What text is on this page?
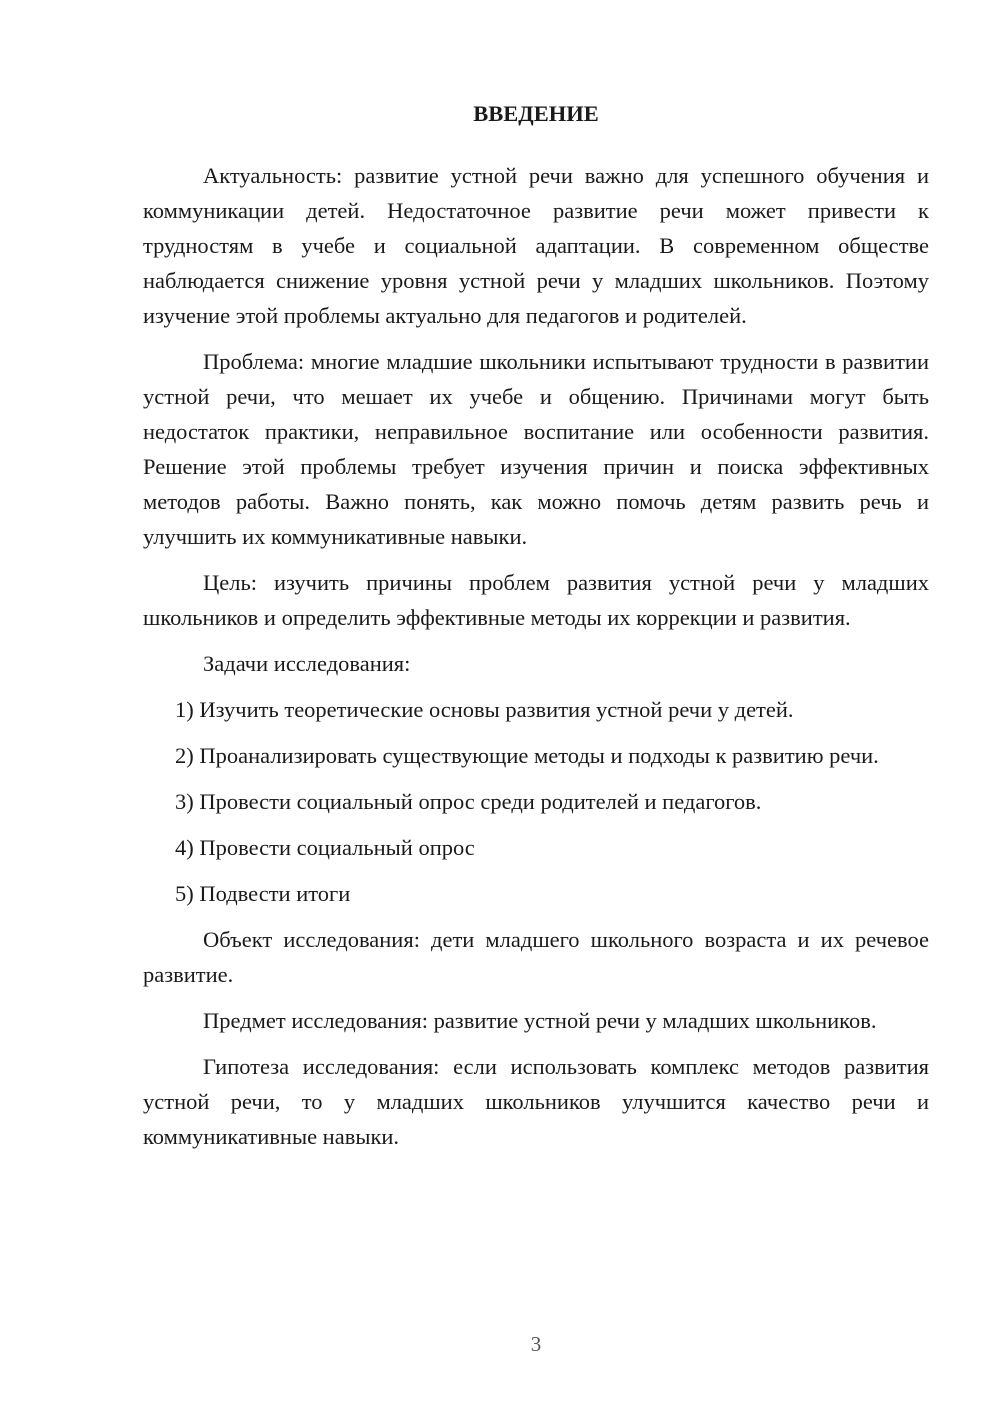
ВВЕДЕНИЕ

Актуальность: развитие устной речи важно для успешного обучения и коммуникации детей. Недостаточное развитие речи может привести к трудностям в учебе и социальной адаптации. В современном обществе наблюдается снижение уровня устной речи у младших школьников. Поэтому изучение этой проблемы актуально для педагогов и родителей.

Проблема: многие младшие школьники испытывают трудности в развитии устной речи, что мешает их учебе и общению. Причинами могут быть недостаток практики, неправильное воспитание или особенности развития. Решение этой проблемы требует изучения причин и поиска эффективных методов работы. Важно понять, как можно помочь детям развить речь и улучшить их коммуникативные навыки.

Цель: изучить причины проблем развития устной речи у младших школьников и определить эффективные методы их коррекции и развития.

Задачи исследования:

1) Изучить теоретические основы развития устной речи у детей.

2) Проанализировать существующие методы и подходы к развитию речи.

3) Провести социальный опрос среди родителей и педагогов.

4) Провести социальный опрос

5) Подвести итоги

Объект исследования: дети младшего школьного возраста и их речевое развитие.

Предмет исследования: развитие устной речи у младших школьников.

Гипотеза исследования: если использовать комплекс методов развития устной речи, то у младших школьников улучшится качество речи и коммуникативные навыки.

3
